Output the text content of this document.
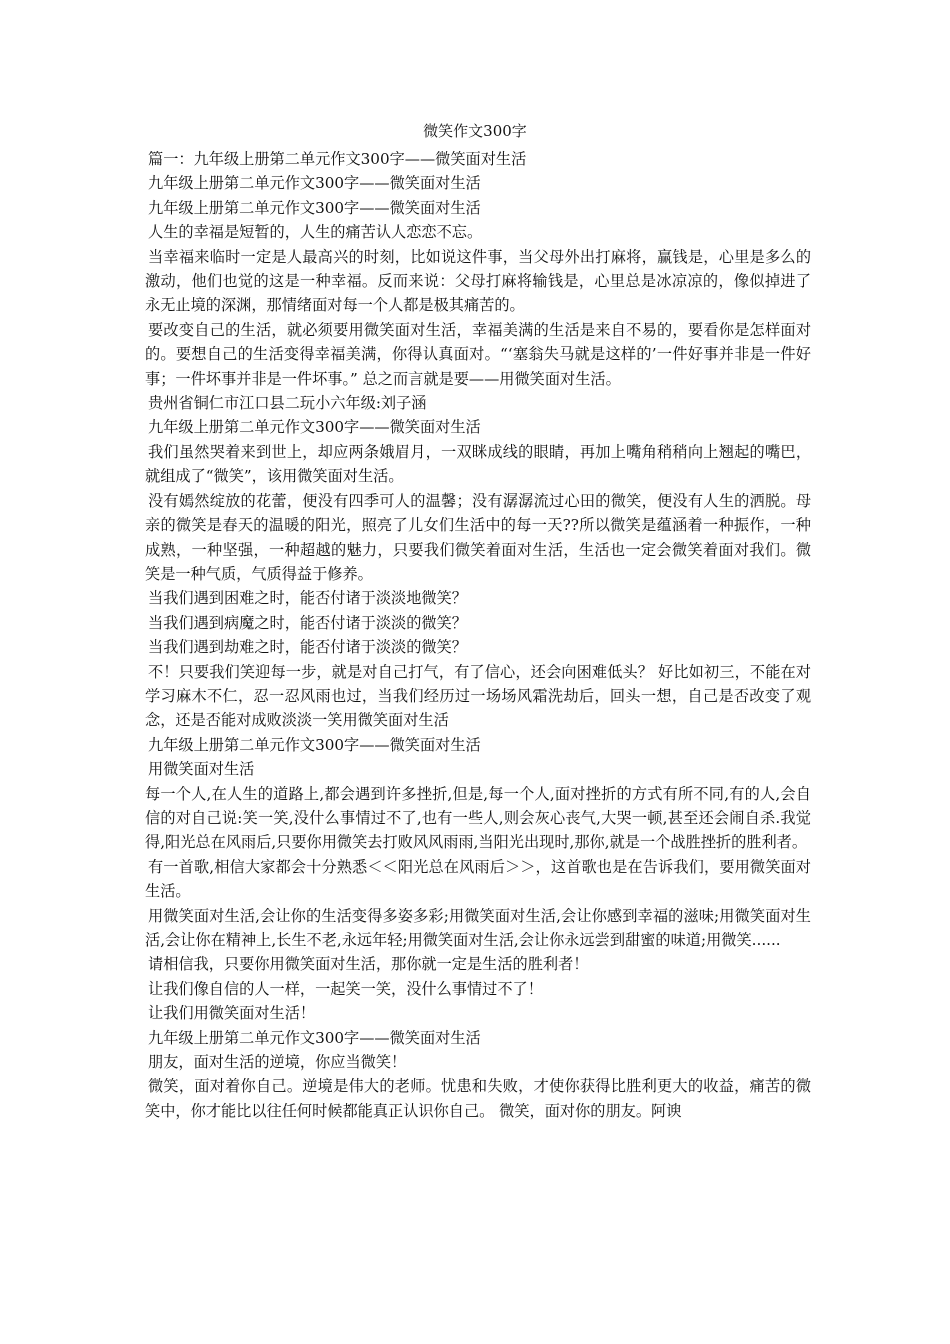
微笑作文300字

篇一：九年级上册第二单元作文300字——微笑面对生活

九年级上册第二单元作文300字——微笑面对生活

九年级上册第二单元作文300字——微笑面对生活

人生的幸福是短暂的，人生的痛苦认人恋恋不忘。

当幸福来临时一定是人最高兴的时刻，比如说这件事，当父母外出打麻将，赢钱是，心里是多么的激动，他们也觉的这是一种幸福。反而来说：父母打麻将输钱是，心里总是冰凉凉的，像似掉进了永无止境的深渊，那情绪面对每一个人都是极其痛苦的。

要改变自己的生活，就必须要用微笑面对生活，幸福美满的生活是来自不易的，要看你是怎样面对的。要想自己的生活变得幸福美满，你得认真面对。“‘塞翁失马就是这样的’一件好事并非是一件好事；一件坏事并非是一件坏事。” 总之而言就是要——用微笑面对生活。

贵州省铜仁市江口县二玩小六年级:刘子涵

九年级上册第二单元作文300字——微笑面对生活

我们虽然哭着来到世上，却应两条娥眉月，一双眯成线的眼睛，再加上嘴角稍稍向上翘起的嘴巴，就组成了“微笑”，该用微笑面对生活。

没有嫣然绽放的花蕾，便没有四季可人的温馨；没有潺潺流过心田的微笑，便没有人生的洒脱。母亲的微笑是春天的温暖的阳光，照亮了儿女们生活中的每一天??所以微笑是蕴涵着一种振作，一种成熟，一种坚强，一种超越的魅力，只要我们微笑着面对生活，生活也一定会微笑着面对我们。微笑是一种气质，气质得益于修养。

当我们遇到困难之时，能否付诸于淡淡地微笑？

当我们遇到病魔之时，能否付诸于淡淡的微笑？

当我们遇到劫难之时，能否付诸于淡淡的微笑？

不！只要我们笑迎每一步，就是对自己打气，有了信心，还会向困难低头？ 好比如初三，不能在对学习麻木不仁，忍一忍风雨也过，当我们经历过一场场风霜洗劫后，回头一想，自己是否改变了观念，还是否能对成败淡淡一笑用微笑面对生活

九年级上册第二单元作文300字——微笑面对生活

用微笑面对生活

每一个人,在人生的道路上,都会遇到许多挫折,但是,每一个人,面对挫折的方式有所不同,有的人,会自信的对自己说:笑一笑,没什么事情过不了,也有一些人,则会灰心丧气,大哭一顿,甚至还会闹自杀.我觉得,阳光总在风雨后,只要你用微笑去打败风风雨雨,当阳光出现时,那你,就是一个战胜挫折的胜利者。

有一首歌,相信大家都会十分熟悉＜＜阳光总在风雨后＞＞，这首歌也是在告诉我们，要用微笑面对生活。

用微笑面对生活,会让你的生活变得多姿多彩;用微笑面对生活,会让你感到幸福的滋味;用微笑面对生活,会让你在精神上,长生不老,永远年轻;用微笑面对生活,会让你永远尝到甜蜜的味道;用微笑......

请相信我，只要你用微笑面对生活，那你就一定是生活的胜利者！

让我们像自信的人一样，一起笑一笑，没什么事情过不了！

让我们用微笑面对生活！

九年级上册第二单元作文300字——微笑面对生活

朋友，面对生活的逆境，你应当微笑！

微笑，面对着你自己。逆境是伟大的老师。忧患和失败，才使你获得比胜利更大的收益，痛苦的微笑中，你才能比以往任何时候都能真正认识你自己。 微笑，面对你的朋友。阿谀
